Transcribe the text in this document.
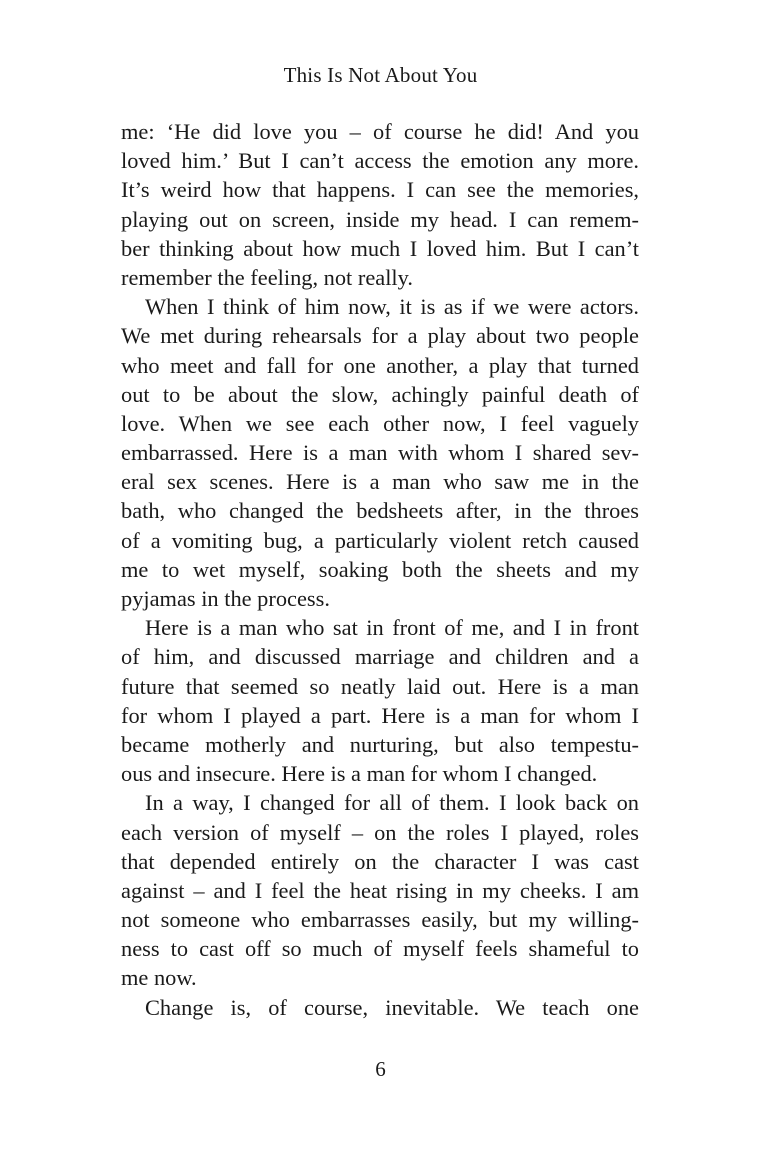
This Is Not About You
me: ‘He did love you – of course he did! And you
loved him.’ But I can’t access the emotion any more.
It’s weird how that happens. I can see the memories,
playing out on screen, inside my head. I can remem-
ber thinking about how much I loved him. But I can’t
remember the feeling, not really.
When I think of him now, it is as if we were actors.
We met during rehearsals for a play about two people
who meet and fall for one another, a play that turned
out to be about the slow, achingly painful death of
love. When we see each other now, I feel vaguely
embarrassed. Here is a man with whom I shared sev-
eral sex scenes. Here is a man who saw me in the
bath, who changed the bedsheets after, in the throes
of a vomiting bug, a particularly violent retch caused
me to wet myself, soaking both the sheets and my
pyjamas in the process.
Here is a man who sat in front of me, and I in front
of him, and discussed marriage and children and a
future that seemed so neatly laid out. Here is a man
for whom I played a part. Here is a man for whom I
became motherly and nurturing, but also tempestu-
ous and insecure. Here is a man for whom I changed.
In a way, I changed for all of them. I look back on
each version of myself – on the roles I played, roles
that depended entirely on the character I was cast
against – and I feel the heat rising in my cheeks. I am
not someone who embarrasses easily, but my willing-
ness to cast off so much of myself feels shameful to
me now.
Change is, of course, inevitable. We teach one
6
